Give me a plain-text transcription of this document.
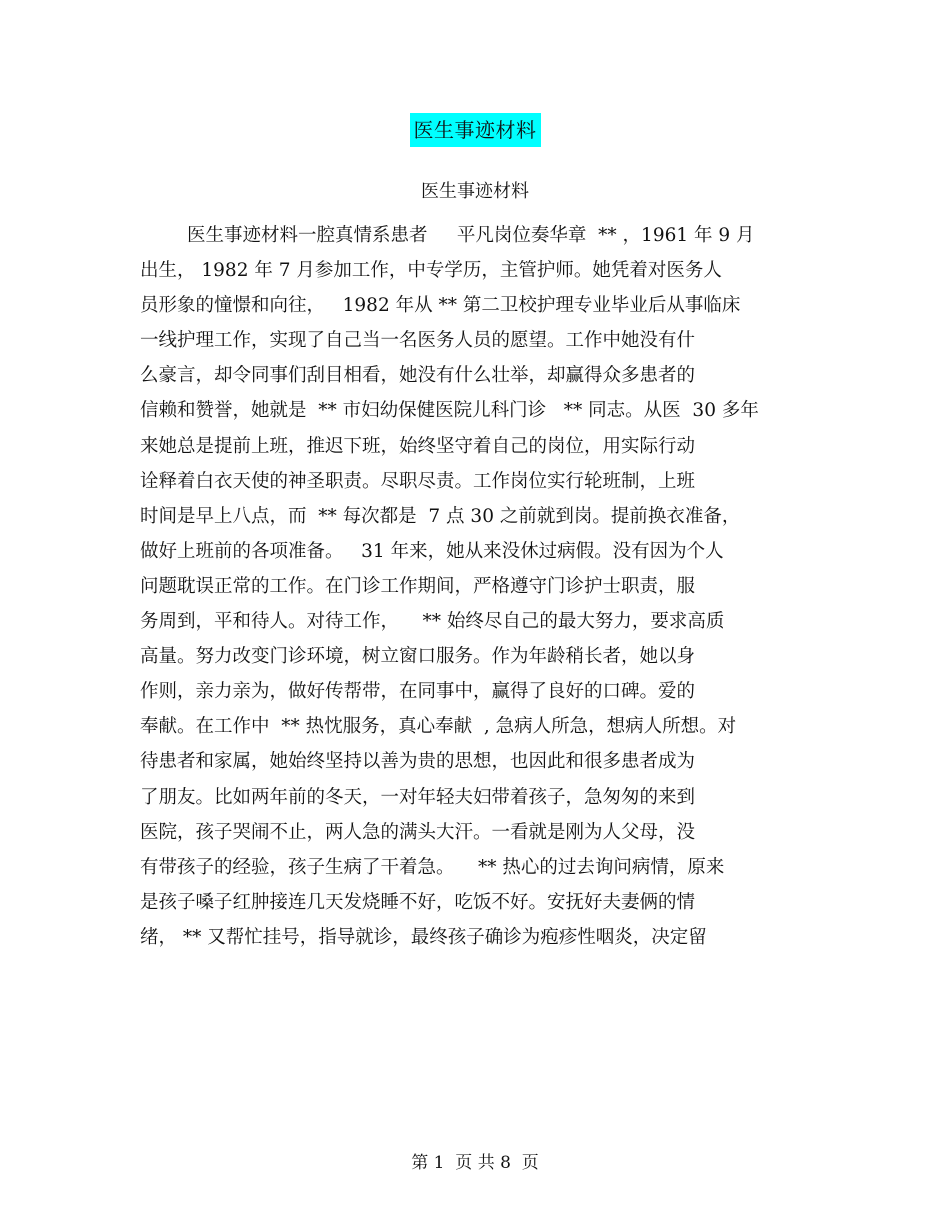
医生事迹材料
医生事迹材料
医生事迹材料一腔真情系患者     平凡岗位奏华章  ** ，1961 年 9 月
出生， 1982 年 7 月参加工作，中专学历，主管护师。她凭着对医务人
员形象的憧憬和向往，   1982 年从 ** 第二卫校护理专业毕业后从事临床
一线护理工作，实现了自己当一名医务人员的愿望。工作中她没有什
么豪言，却令同事们刮目相看，她没有什么壮举，却赢得众多患者的
信赖和赞誉，她就是  ** 市妇幼保健医院儿科门诊   ** 同志。从医  30 多年
来她总是提前上班，推迟下班，始终坚守着自己的岗位，用实际行动
诠释着白衣天使的神圣职责。尽职尽责。工作岗位实行轮班制，上班
时间是早上八点，而  ** 每次都是  7 点 30 之前就到岗。提前换衣准备，
做好上班前的各项准备。   31 年来，她从来没休过病假。没有因为个人
问题耽误正常的工作。在门诊工作期间，严格遵守门诊护士职责，服
务周到，平和待人。对待工作，    ** 始终尽自己的最大努力，要求高质
高量。努力改变门诊环境，树立窗口服务。作为年龄稍长者，她以身
作则，亲力亲为，做好传帮带，在同事中，赢得了良好的口碑。爱的
奉献。在工作中  ** 热忱服务，真心奉献  , 急病人所急，想病人所想。对
待患者和家属，她始终坚持以善为贵的思想，也因此和很多患者成为
了朋友。比如两年前的冬天，一对年轻夫妇带着孩子，急匆匆的来到
医院，孩子哭闹不止，两人急的满头大汗。一看就是刚为人父母，没
有带孩子的经验，孩子生病了干着急。    ** 热心的过去询问病情，原来
是孩子嗓子红肿接连几天发烧睡不好，吃饭不好。安抚好夫妻俩的情
绪， ** 又帮忙挂号，指导就诊，最终孩子确诊为疱疹性咽炎，决定留
第 1  页 共 8  页
